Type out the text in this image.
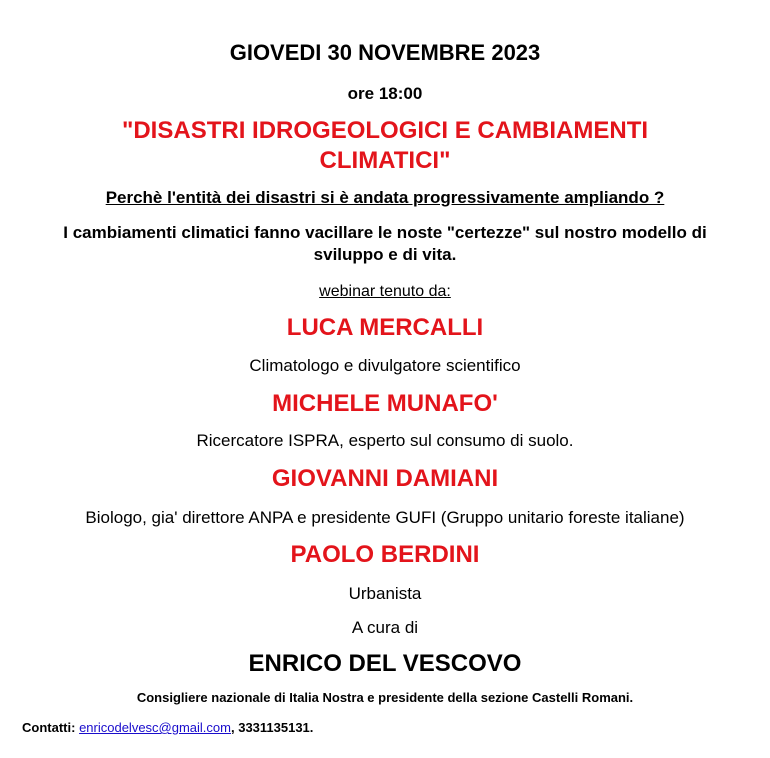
GIOVEDI 30 NOVEMBRE 2023
ore 18:00
"DISASTRI IDROGEOLOGICI E CAMBIAMENTI CLIMATICI"
Perchè l'entità dei disastri si è andata progressivamente ampliando ?
I cambiamenti climatici fanno vacillare le noste "certezze" sul nostro modello di sviluppo e di vita.
webinar tenuto da:
LUCA MERCALLI
Climatologo e divulgatore scientifico
MICHELE MUNAFO'
Ricercatore ISPRA, esperto sul consumo di suolo.
GIOVANNI DAMIANI
Biologo, gia' direttore ANPA e presidente GUFI (Gruppo unitario foreste italiane)
PAOLO BERDINI
Urbanista
A cura di
ENRICO DEL VESCOVO
Consigliere nazionale di Italia Nostra e presidente della sezione Castelli Romani.
Contatti: enricodelvesc@gmail.com, 3331135131.
